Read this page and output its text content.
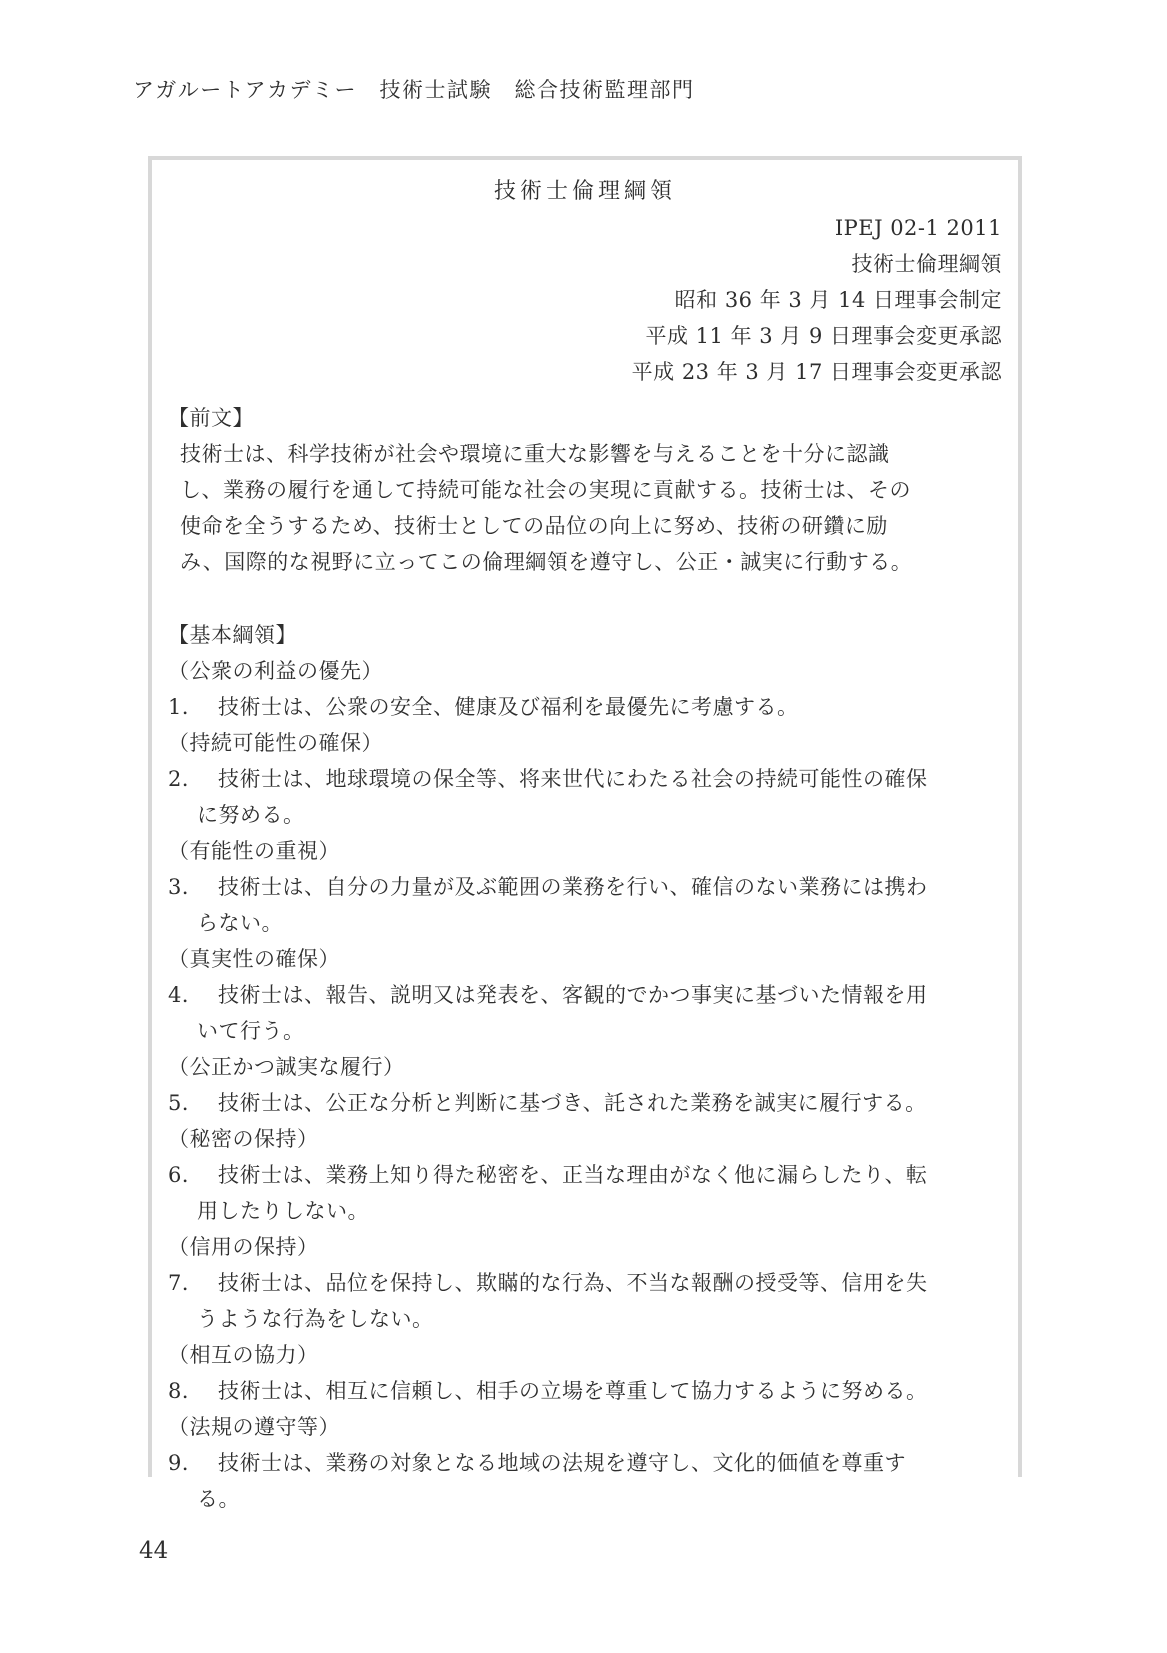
アガルートアカデミー　技術士試験　総合技術監理部門
技術士倫理綱領
IPEJ 02-1 2011
技術士倫理綱領
昭和 36 年 3 月 14 日理事会制定
平成 11 年 3 月 9 日理事会変更承認
平成 23 年 3 月 17 日理事会変更承認
【前文】
技術士は、科学技術が社会や環境に重大な影響を与えることを十分に認識し、業務の履行を通して持続可能な社会の実現に貢献する。技術士は、その使命を全うするため、技術士としての品位の向上に努め、技術の研鑽に励み、国際的な視野に立ってこの倫理綱領を遵守し、公正・誠実に行動する。
【基本綱領】
（公衆の利益の優先）
1． 技術士は、公衆の安全、健康及び福利を最優先に考慮する。
（持続可能性の確保）
2． 技術士は、地球環境の保全等、将来世代にわたる社会の持続可能性の確保に努める。
（有能性の重視）
3． 技術士は、自分の力量が及ぶ範囲の業務を行い、確信のない業務には携わらない。
（真実性の確保）
4． 技術士は、報告、説明又は発表を、客観的でかつ事実に基づいた情報を用いて行う。
（公正かつ誠実な履行）
5． 技術士は、公正な分析と判断に基づき、託された業務を誠実に履行する。
（秘密の保持）
6． 技術士は、業務上知り得た秘密を、正当な理由がなく他に漏らしたり、転用したりしない。
（信用の保持）
7． 技術士は、品位を保持し、欺瞞的な行為、不当な報酬の授受等、信用を失うような行為をしない。
（相互の協力）
8． 技術士は、相互に信頼し、相手の立場を尊重して協力するように努める。
（法規の遵守等）
9． 技術士は、業務の対象となる地域の法規を遵守し、文化的価値を尊重する。
44
